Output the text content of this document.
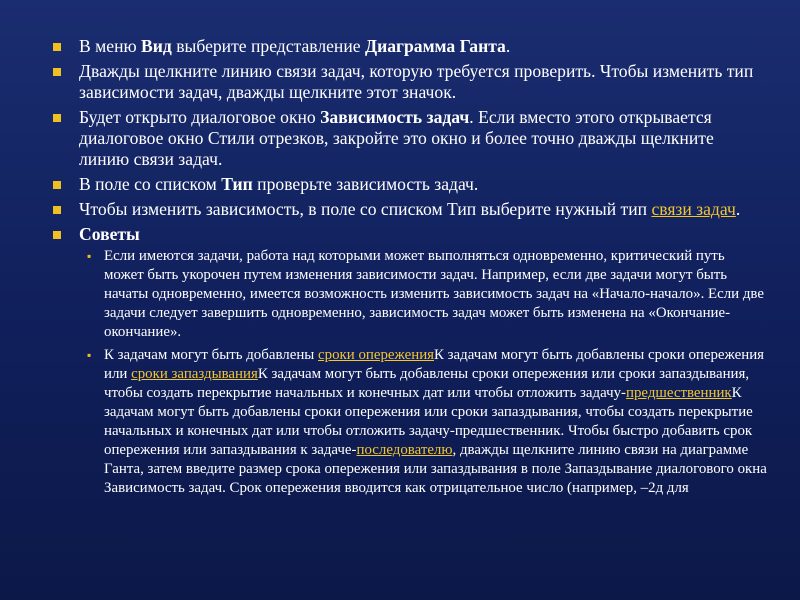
В меню Вид выберите представление Диаграмма Ганта.
Дважды щелкните линию связи задач, которую требуется проверить. Чтобы изменить тип зависимости задач, дважды щелкните этот значок.
Будет открыто диалоговое окно Зависимость задач. Если вместо этого открывается диалоговое окно Стили отрезков, закройте это окно и более точно дважды щелкните линию связи задач.
В поле со списком Тип проверьте зависимость задач.
Чтобы изменить зависимость, в поле со списком Тип выберите нужный тип связи задач.
Советы
▪ Если имеются задачи, работа над которыми может выполняться одновременно, критический путь может быть укорочен путем изменения зависимости задач. Например, если две задачи могут быть начаты одновременно, имеется возможность изменить зависимость задач на «Начало-начало». Если две задачи следует завершить одновременно, зависимость задач может быть изменена на «Окончание-окончание».
▪ К задачам могут быть добавлены сроки опереженияК задачам могут быть добавлены сроки опережения или сроки запаздыванияК задачам могут быть добавлены сроки опережения или сроки запаздывания, чтобы создать перекрытие начальных и конечных дат или чтобы отложить задачу-предшественникК задачам могут быть добавлены сроки опережения или сроки запаздывания, чтобы создать перекрытие начальных и конечных дат или чтобы отложить задачу-предшественник. Чтобы быстро добавить срок опережения или запаздывания к задаче-последователю, дважды щелкните линию связи на диаграмме Ганта, затем введите размер срока опережения или запаздывания в поле Запаздывание диалогового окна Зависимость задач. Срок опережения вводится как отрицательное число (например, –2д для
